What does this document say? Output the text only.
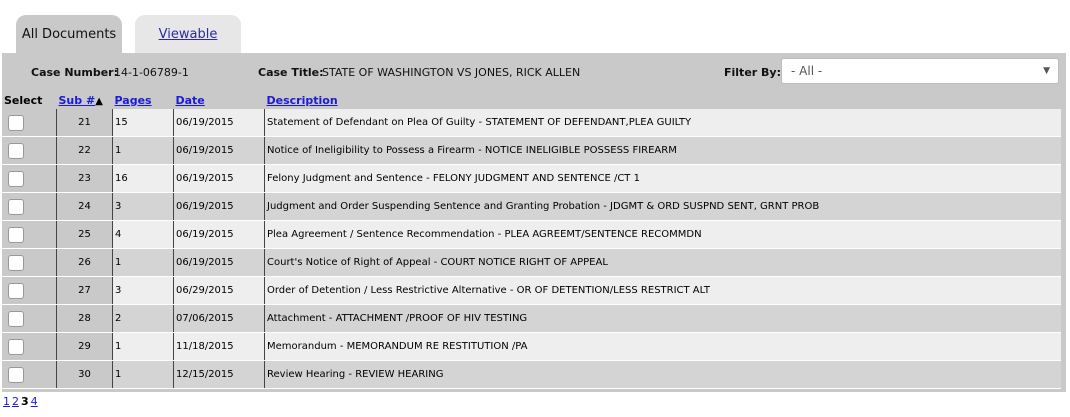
All Documents	Viewable
Case Number:
14-1-06789-1	Case Title:
STATE OF WASHINGTON VS JONES, RICK ALLEN	Filter By: - All -	▼
Select	Sub #▲	Pages	Date	Description
	21	15	06/19/2015	Statement of Defendant on Plea Of Guilty - STATEMENT OF DEFENDANT,PLEA GUILTY
	22	1	06/19/2015	Notice of Ineligibility to Possess a Firearm - NOTICE INELIGIBLE POSSESS FIREARM
	23	16	06/19/2015	Felony Judgment and Sentence - FELONY JUDGMENT AND SENTENCE /CT 1
	24	3	06/19/2015	Judgment and Order Suspending Sentence and Granting Probation - JDGMT & ORD SUSPND SENT, GRNT PROB
	25	4	06/19/2015	Plea Agreement / Sentence Recommendation - PLEA AGREEMT/SENTENCE RECOMMDN
	26	1	06/19/2015	Court's Notice of Right of Appeal - COURT NOTICE RIGHT OF APPEAL
	27	3	06/29/2015	Order of Detention / Less Restrictive Alternative - OR OF DETENTION/LESS RESTRICT ALT
	28	2	07/06/2015	Attachment - ATTACHMENT /PROOF OF HIV TESTING
	29	1	11/18/2015	Memorandum - MEMORANDUM RE RESTITUTION /PA
	30	1	12/15/2015	Review Hearing - REVIEW HEARING
1 2 3 4
